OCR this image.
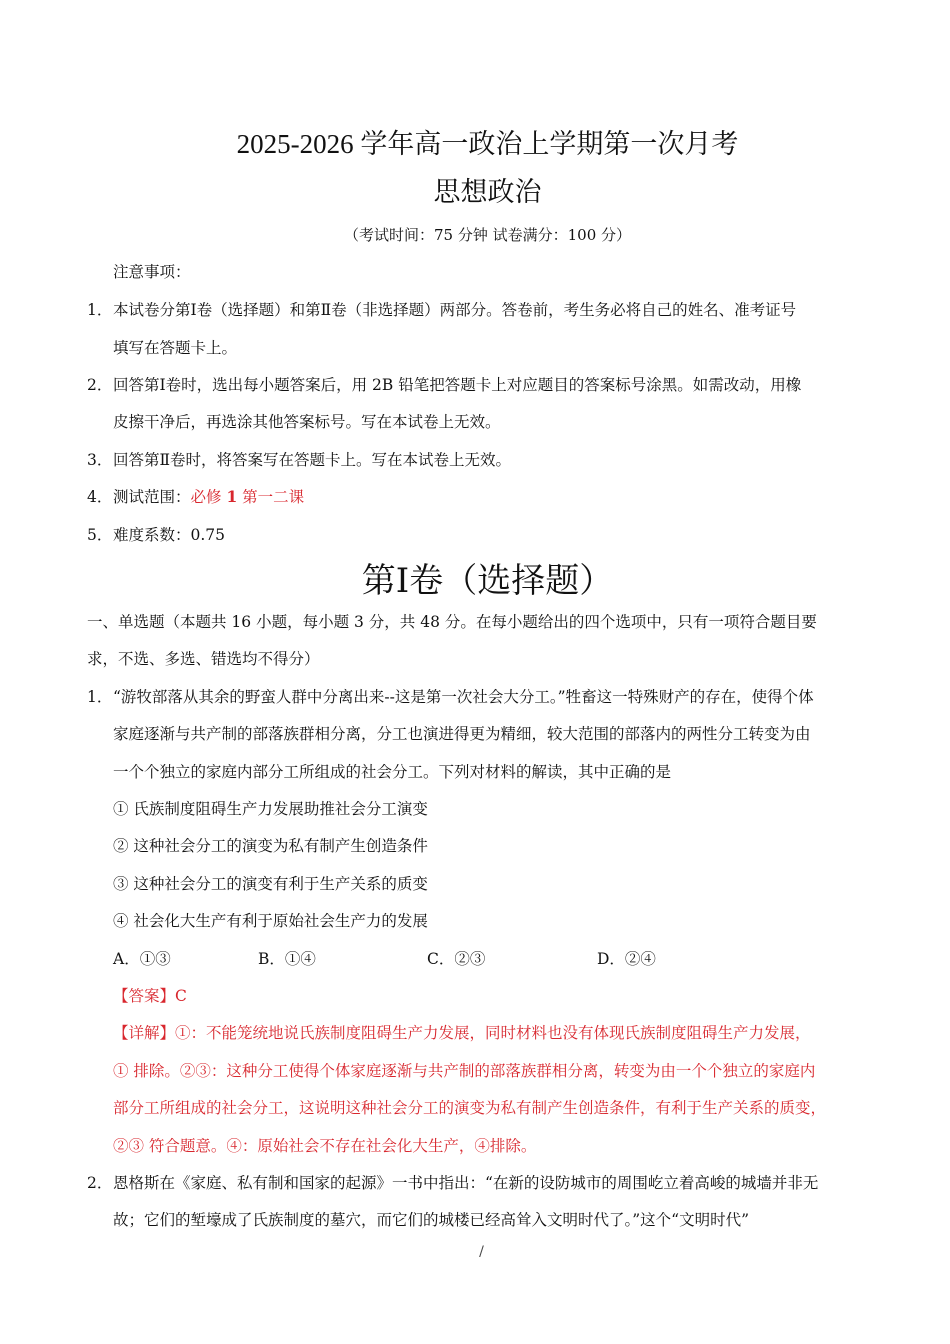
2025-2026 学年高一政治上学期第一次月考
思想政治
（考试时间：75 分钟 试卷满分：100 分）
注意事项：
1． 本试卷分第Ⅰ卷（选择题）和第Ⅱ卷（非选择题）两部分。答卷前，考生务必将自己的姓名、准考证号
填写在答题卡上。
2． 回答第Ⅰ卷时，选出每小题答案后，用 2B 铅笔把答题卡上对应题目的答案标号涂黑。如需改动，用橡
皮擦干净后，再选涂其他答案标号。写在本试卷上无效。
3． 回答第Ⅱ卷时，将答案写在答题卡上。写在本试卷上无效。
4． 测试范围：必修 1 第一二课
5． 难度系数：0.75
第Ⅰ卷（选择题）
一、单选题（本题共 16 小题，每小题 3 分，共 48 分。在每小题给出的四个选项中，只有一项符合题目要
求，不选、多选、错选均不得分）
1． “游牧部落从其余的野蛮人群中分离出来--这是第一次社会大分工。”牲畜这一特殊财产的存在，使得个体
家庭逐渐与共产制的部落族群相分离，分工也演进得更为精细，较大范围的部落内的两性分工转变为由
一个个独立的家庭内部分工所组成的社会分工。下列对材料的解读，其中正确的是
① 氏族制度阻碍生产力发展助推社会分工演变
② 这种社会分工的演变为私有制产生创造条件
③ 这种社会分工的演变有利于生产关系的质变
④ 社会化大生产有利于原始社会生产力的发展
A．①③	B．①④	C．②③	D．②④
【答案】C
【详解】①：不能笼统地说氏族制度阻碍生产力发展，同时材料也没有体现氏族制度阻碍生产力发展，
① 排除。②③：这种分工使得个体家庭逐渐与共产制的部落族群相分离，转变为由一个个独立的家庭内
部分工所组成的社会分工，这说明这种社会分工的演变为私有制产生创造条件，有利于生产关系的质变，
②③ 符合题意。④：原始社会不存在社会化大生产，④排除。
2． 恩格斯在《家庭、私有制和国家的起源》一书中指出：“在新的设防城市的周围屹立着高峻的城墙并非无
故；它们的堑壕成了氏族制度的墓穴，而它们的城楼已经高耸入文明时代了。”这个“文明时代”
/
